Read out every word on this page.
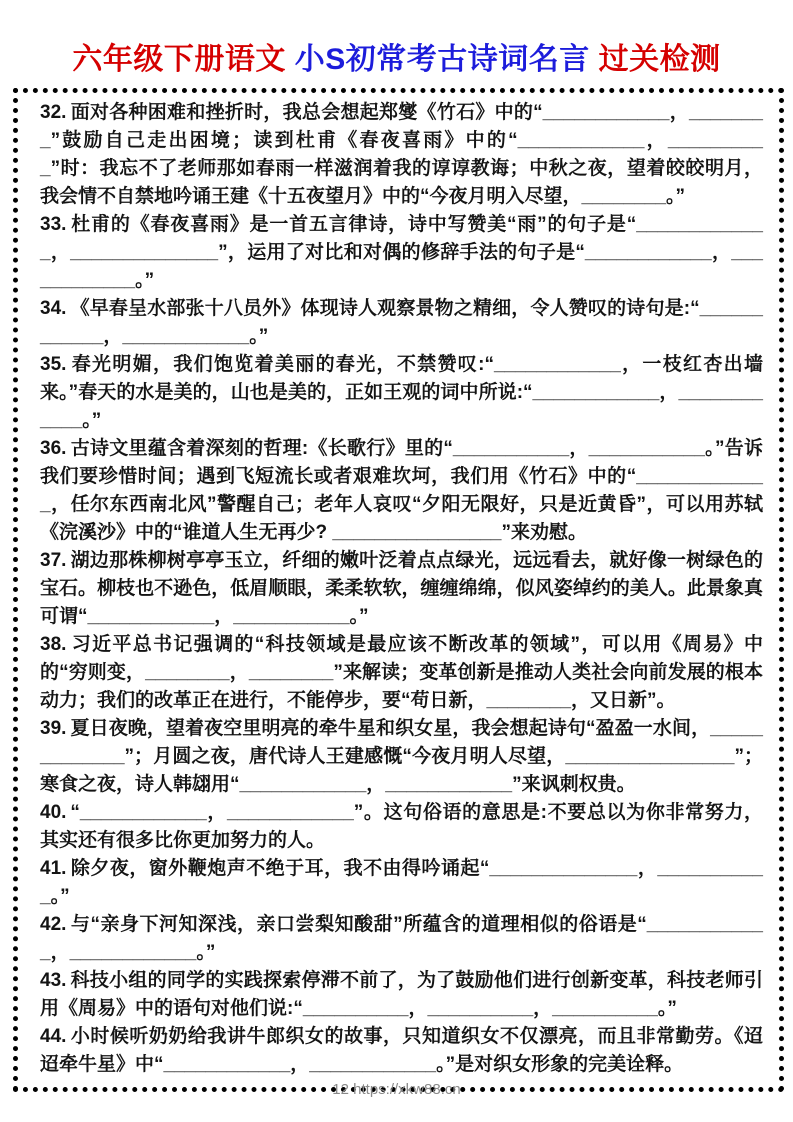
六年级下册语文 小S初常考古诗词名言 过关检测

32. 面对各种困难和挫折时，我总会想起郑燮《竹石》中的“____________，________”鼓励自己走出困境；读到杜甫《春夜喜雨》中的“____________，__________”时：我忘不了老师那如春雨一样滋润着我的谆谆教诲；中秋之夜，望着皎皎明月，我会情不自禁地吟诵王建《十五夜望月》中的“今夜月明入尽望，________。”

33. 杜甫的《春夜喜雨》是一首五言律诗，诗中写赞美“雨”的句子是“_____________，______________”，运用了对比和对偶的修辞手法的句子是“____________，____________。”

34. 《早春呈水部张十八员外》体现诗人观察景物之精细，令人赞叹的诗句是:“____________，____________。”

35. 春光明媚，我们饱览着美丽的春光，不禁赞叹:“____________，一枝红杏出墙来。”春天的水是美的，山也是美的，正如王观的词中所说:“____________，____________。”

36. 古诗文里蕴含着深刻的哲理:《长歌行》里的“___________，___________。”告诉我们要珍惜时间；遇到飞短流长或者艰难坎坷，我们用《竹石》中的“_____________，任尔东西南北风”警醒自己；老年人哀叹“夕阳无限好，只是近黄昏”，可以用苏轼《浣溪沙》中的“谁道人生无再少? ________________”来劝慰。

37. 湖边那株柳树亭亭玉立，纤细的嫩叶泛着点点绿光，远远看去，就好像一树绿色的宝石。柳枝也不逊色，低眉顺眼，柔柔软软，缠缠绵绵，似风姿绰约的美人。此景象真可谓“____________，___________。”

38. 习近平总书记强调的“科技领域是最应该不断改革的领域”，可以用《周易》中的“穷则变，________，________”来解读；变革创新是推动人类社会向前发展的根本动力；我们的改革正在进行，不能停步，要“苟日新，________，又日新”。

39. 夏日夜晚，望着夜空里明亮的牵牛星和织女星，我会想起诗句“盈盈一水间，_____________”；月圆之夜，唐代诗人王建感慨“今夜月明人尽望，________________”；寒食之夜，诗人韩翃用“____________，____________”来讽刺权贵。

40. “____________，____________”。这句俗语的意思是:不要总以为你非常努力，其实还有很多比你更加努力的人。

41. 除夕夜，窗外鞭炮声不绝于耳，我不由得吟诵起“______________，___________。”

42. 与“亲身下河知深浅，亲口尝梨知酸甜”所蕴含的道理相似的俗语是“____________，____________。”

43. 科技小组的同学的实践探索停滞不前了，为了鼓励他们进行创新变革，科技老师引用《周易》中的语句对他们说:“__________，__________，__________。”

44. 小时候听奶奶给我讲牛郎织女的故事，只知道织女不仅漂亮，而且非常勤劳。《迢迢牵牛星》中“____________，____________。”是对织女形象的完美诠释。

12 https://xkw88.cn
